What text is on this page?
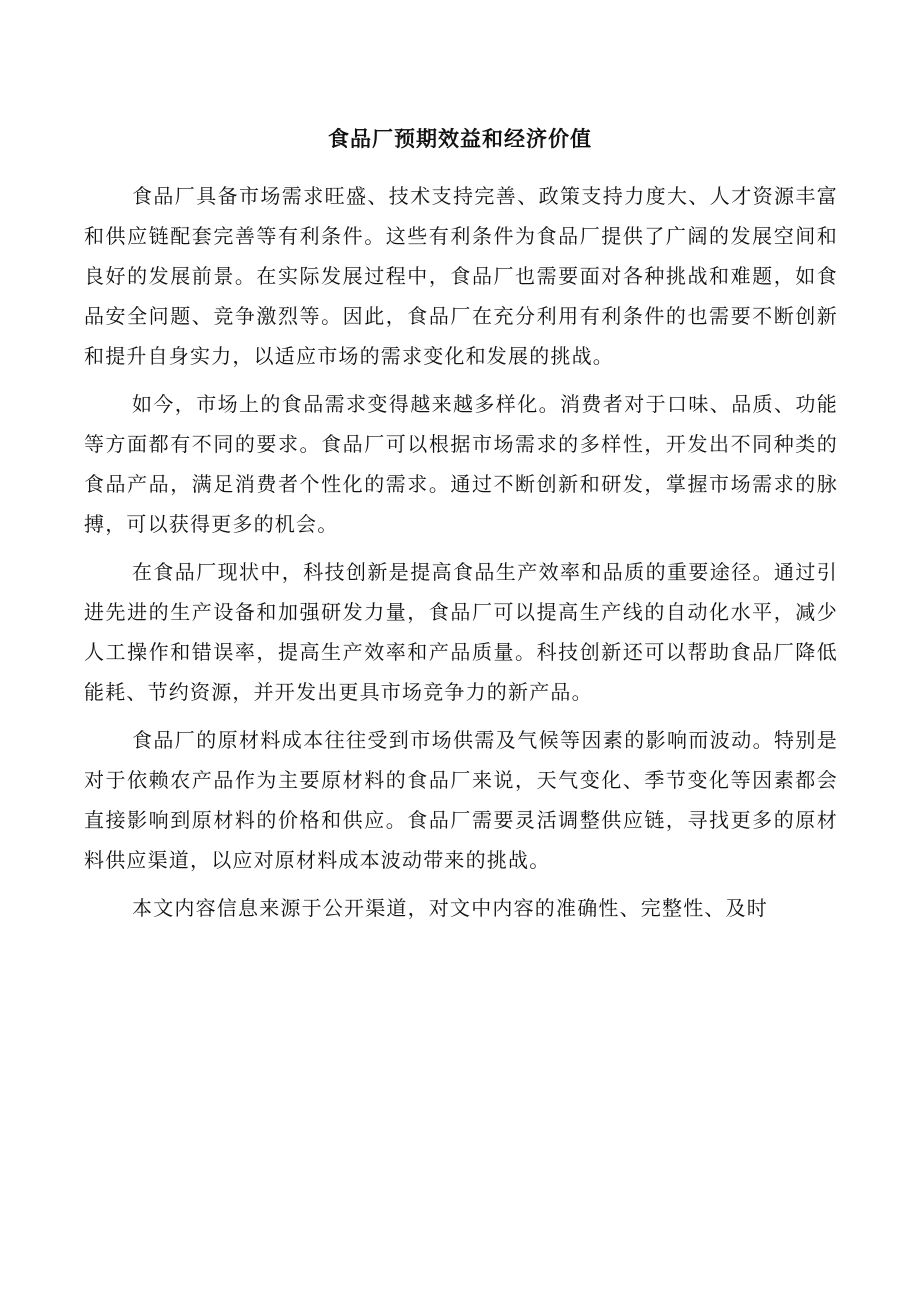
食品厂预期效益和经济价值

食品厂具备市场需求旺盛、技术支持完善、政策支持力度大、人才资源丰富和供应链配套完善等有利条件。这些有利条件为食品厂提供了广阔的发展空间和良好的发展前景。在实际发展过程中，食品厂也需要面对各种挑战和难题，如食品安全问题、竞争激烈等。因此，食品厂在充分利用有利条件的也需要不断创新和提升自身实力，以适应市场的需求变化和发展的挑战。

如今，市场上的食品需求变得越来越多样化。消费者对于口味、品质、功能等方面都有不同的要求。食品厂可以根据市场需求的多样性，开发出不同种类的食品产品，满足消费者个性化的需求。通过不断创新和研发，掌握市场需求的脉搏，可以获得更多的机会。

在食品厂现状中，科技创新是提高食品生产效率和品质的重要途径。通过引进先进的生产设备和加强研发力量，食品厂可以提高生产线的自动化水平，减少人工操作和错误率，提高生产效率和产品质量。科技创新还可以帮助食品厂降低能耗、节约资源，并开发出更具市场竞争力的新产品。

食品厂的原材料成本往往受到市场供需及气候等因素的影响而波动。特别是对于依赖农产品作为主要原材料的食品厂来说，天气变化、季节变化等因素都会直接影响到原材料的价格和供应。食品厂需要灵活调整供应链，寻找更多的原材料供应渠道，以应对原材料成本波动带来的挑战。

本文内容信息来源于公开渠道，对文中内容的准确性、完整性、及时
